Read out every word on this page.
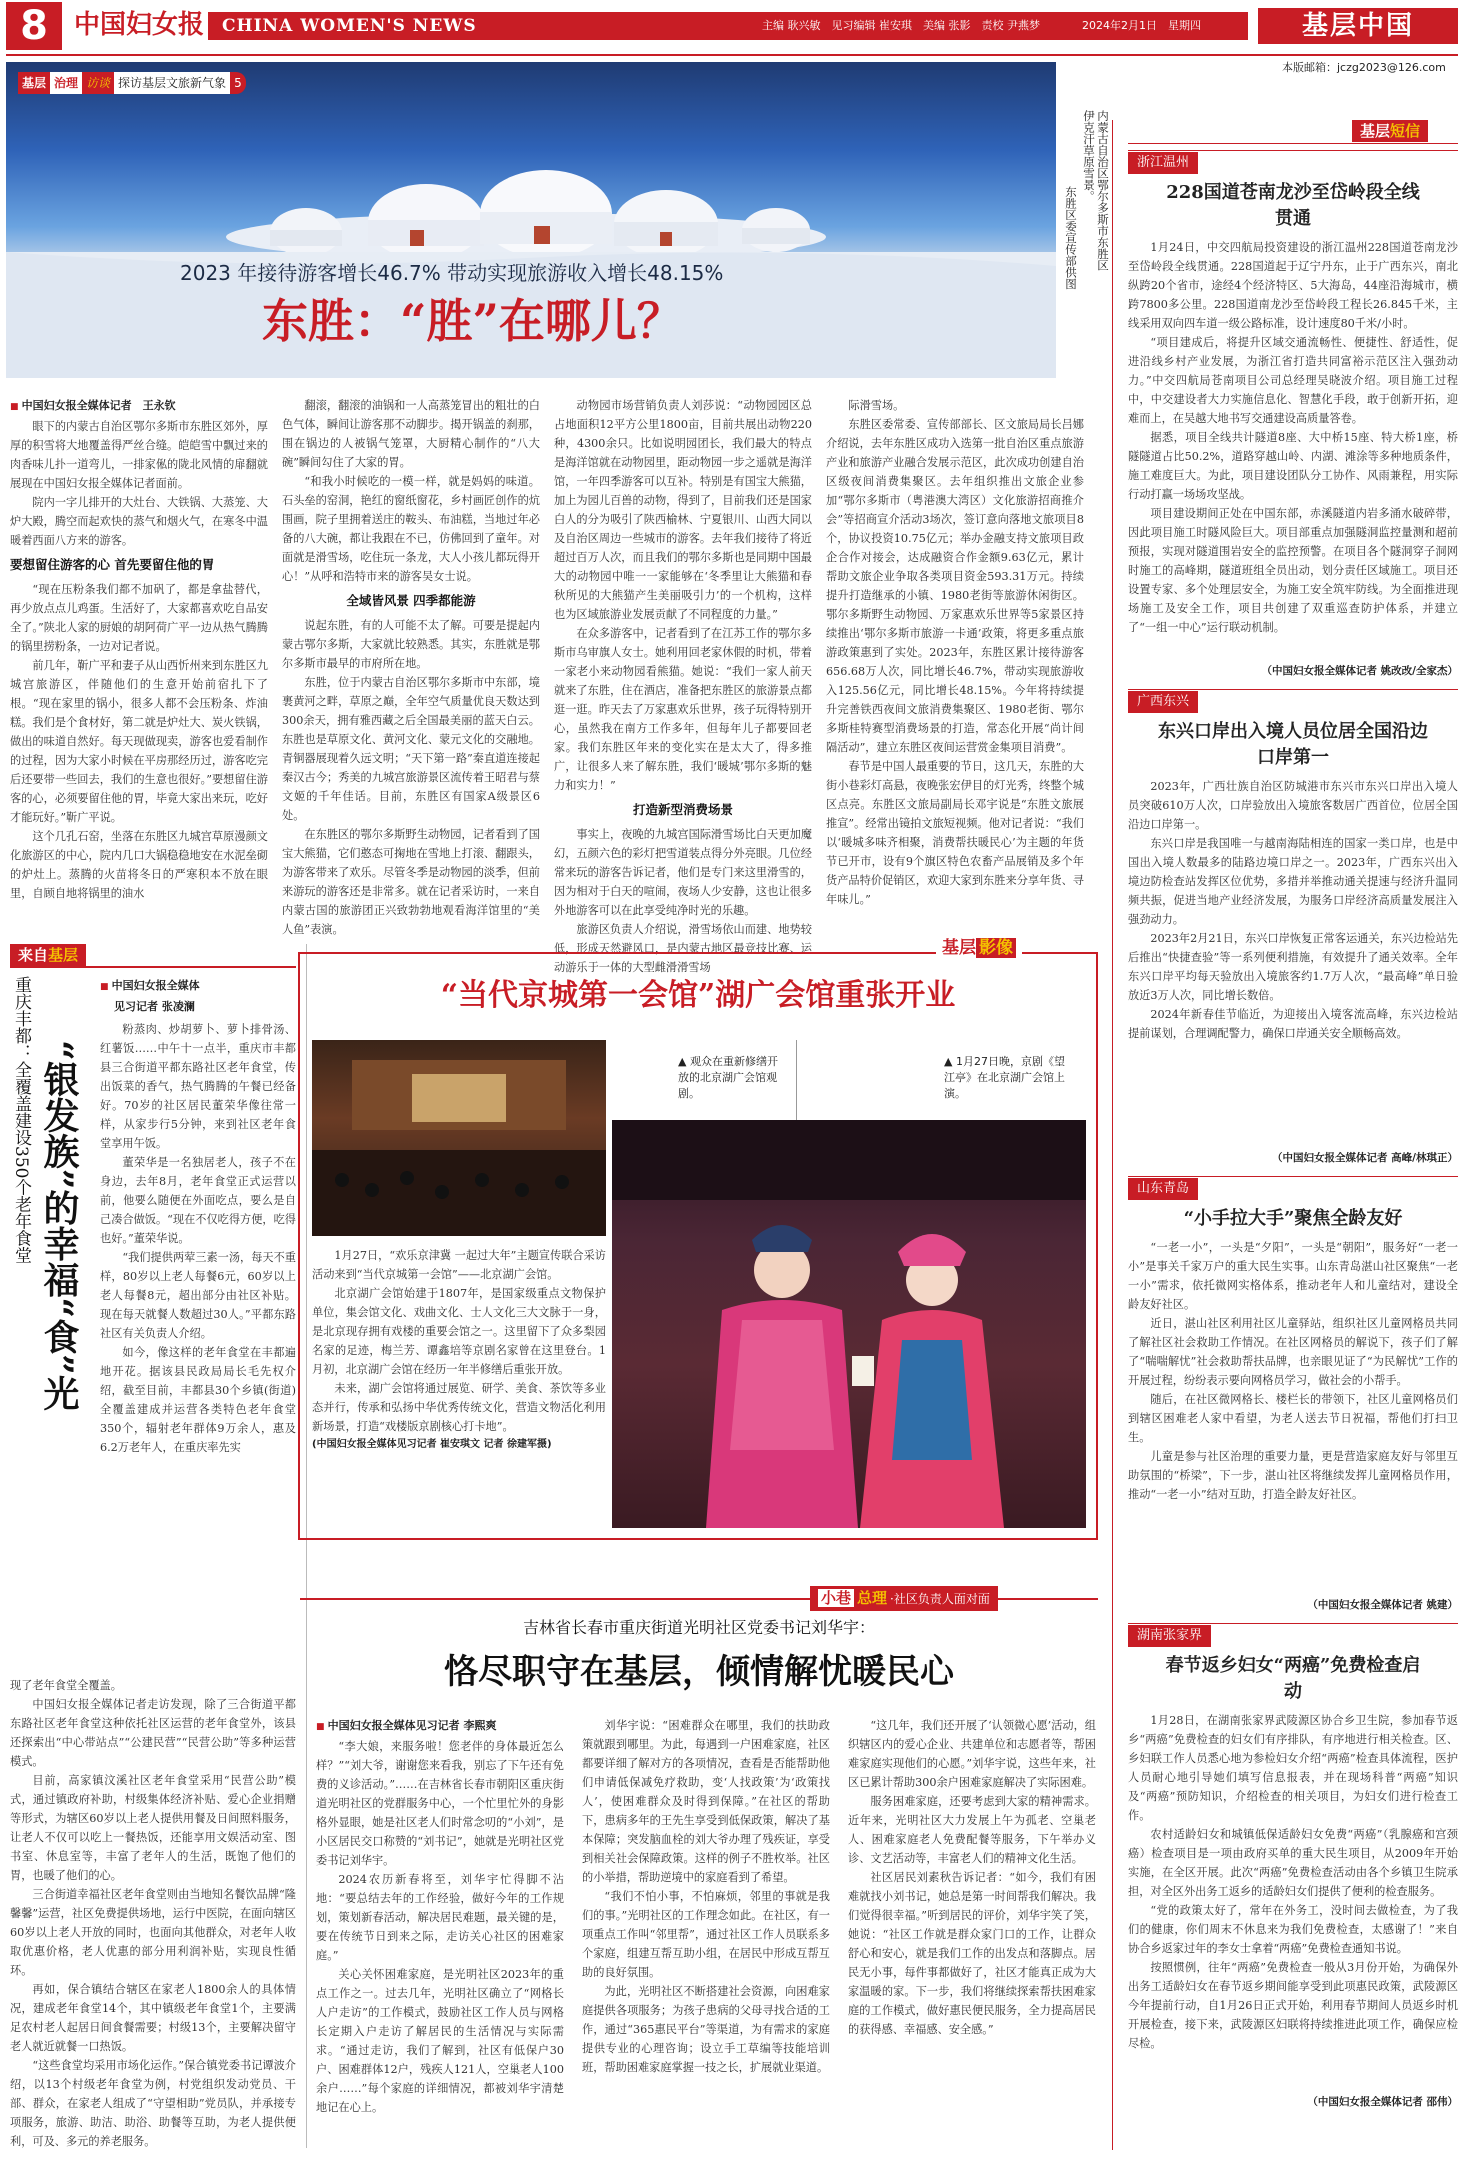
8	中国妇女报 CHINA WOMEN'S NEWS	主编 耿兴敏　见习编辑 崔安琪　美编 张影　责校 尹燕梦	2024年2月1日　星期四	基层中国
本版邮箱：jczg2023@126.com
基层 治理 访谈 探访基层文旅新气象 5
2023 年接待游客增长46.7% 带动实现旅游收入增长48.15%
东胜：“胜”在哪儿？
内蒙古自治区鄂尔多斯市东胜区伊克汗草原雪景。
东胜区委宣传部供图
■ 中国妇女报全媒体记者　王永钦

眼下的内蒙古自治区鄂尔多斯市东胜区郊外，厚厚的积雪将大地覆盖得严丝合缝。皑皑雪中飘过来的肉香味儿扑一道弯儿，一排家俬的陇北风情的扉翻就展现在中国妇女报全媒体记者面前。

院内一字儿排开的大灶台、大铁锅、大蒸笼、大炉大殿，腾空而起欢快的蒸气和烟火气，在寒冬中温暖着西面八方来的游客。

要想留住游客的心 首先要留住他的胃

“现在压粉条我们都不加矾了，都是拿盐替代，再少放点点儿鸡蛋。生活好了，大家都喜欢吃自品安全了。”陕北人家的厨娘的胡阿荷广平一边从热气腾腾的锅里捞粉条，一边对记者说。

前几年，靳广平和妻子从山西忻州来到东胜区九城宫旅游区，伴随他们的生意开始前宿扎下了根。“现在家里的锅小，很多人都不会压粉条、炸油糕。我们是个食材好，第二就是炉灶大、炭火铁锅，做出的味道自然好。每天现做现卖，游客也爱看制作的过程，因为大家小时候在平房那经历过，游客吃完后还要带一些回去，我们的生意也很好。”要想留住游客的心，必须要留住他的胃，毕竟大家出来玩，吃好才能玩好。”靳广平说。

这个几孔石窑，坐落在东胜区九城宫草原漫颜文化旅游区的中心，院内几口大锅稳稳地安在水泥垒砌的炉灶上。蒸腾的火苗将冬日的严寒积本不放在眼里，自顾自地将锅里的油水

翻滚，翻滚的油锅和一人高蒸笼冒出的粗壮的白色气体，瞬间让游客那不动脚步。揭开锅盖的刹那，围在锅边的人被锅气笼罩，大厨精心制作的“八大碗”瞬间勾住了大家的胃。

“和我小时候吃的一模一样，就是妈妈的味道。石头垒的窑洞，艳红的窗纸窗花，乡村画匠创作的炕围画，院子里拥着送庄的鞍头、布油糕，当地过年必备的八大碗，都让我跟在不已，仿佛回到了童年。对面就是滑雪场，吃住玩一条龙，大人小孩儿都玩得开心！”从呼和浩特市来的游客吴女士说。

全域皆风景 四季都能游

说起东胜，有的人可能不太了解。可要是提起内蒙古鄂尔多斯，大家就比较熟悉。其实，东胜就是鄂尔多斯市最早的市府所在地。

东胜，位于内蒙古自治区鄂尔多斯市中东部，境裹黄河之畔，草原之巅，全年空气质量优良天数达到300余天，拥有雅西藏之后全国最美丽的蓝天白云。东胜也是草原文化、黄河文化、蒙元文化的交融地。青铜器展现着久远文明；“天下第一路”秦直道连接起秦汉古今；秀美的九城宫旅游景区流传着王昭君与蔡文姬的千年佳话。目前，东胜区有国家A级景区6处。

在东胜区的鄂尔多斯野生动物园，记者看到了国宝大熊猫，它们憨态可掬地在雪地上打滚、翻跟头，为游客带来了欢乐。尽管冬季是动物园的淡季，但前来游玩的游客还是非常多。就在记者采访时，一来自内蒙古国的旅游团正兴致勃勃地观看海洋馆里的“美人鱼”表演。

动物园市场营销负责人刘莎说：“动物园园区总占地面积12平方公里1800亩，目前共展出动物220种，4300余只。比如说明园团长，我们最大的特点是海洋馆就在动物园里，距动物园一步之遥就是海洋馆，一年四季游客可以互补。特别是有国宝大熊猫，加上为园儿百兽的动物，得到了，目前我们还是国家白人的分为吸引了陕西榆林、宁夏银川、山西大同以及自治区周边一些城市的游客。去年我们接待了将近超过百万人次，而且我们的鄂尔多斯也是同期中国最大的动物园中唯一一家能够在‘冬季里让大熊猫和春秋所见的大熊猫产生美丽吸引力’的一个机构，这样也为区域旅游业发展贡献了不同程度的力量。”

在众多游客中，记者看到了在江苏工作的鄂尔多斯市乌审旗人女士。她利用回老家休假的时机，带着一家老小来动物园看熊猫。她说：“我们一家人前天就来了东胜，住在酒店，准备把东胜区的旅游景点都逛一逛。昨天去了万家惠欢乐世界，孩子玩得特别开心，虽然我在南方工作多年，但每年儿子都要回老家。我们东胜区年来的变化实在是太大了，得多推广，让很多人来了解东胜，我们‘暖城’鄂尔多斯的魅力和实力！”

打造新型消费场景

事实上，夜晚的九城宫国际滑雪场比白天更加魔幻，五颜六色的彩灯把雪道装点得分外亮眼。几位经常来玩的游客告诉记者，他们是专门来这里滑雪的，因为相对于白天的喧闹，夜场人少安静，这也让很多外地游客可以在此享受纯净时光的乐趣。

旅游区负责人介绍说，滑雪场依山而建、地势较低，形成天然避风口，是内蒙古地区最竞技比赛、运动游乐于一体的大型雌滑滑雪场

际滑雪场。

东胜区委常委、宣传部部长、区文旅局局长吕娜介绍说，去年东胜区成功入选第一批自治区重点旅游产业和旅游产业融合发展示范区，此次成功创建自治区级夜间消费集聚区。去年组织推出文旅企业参加“鄂尔多斯市（粤港澳大湾区）文化旅游招商推介会”等招商宣介活动3场次，签订意向落地文旅项目8个，协议投资10.75亿元；举办金融支持文旅项目政企合作对接会，达成融资合作金额9.63亿元，累计帮助文旅企业争取各类项目资金593.31万元。持续提升打造继承的小镇、1980老街等旅游休闲街区。鄂尔多斯野生动物园、万家惠欢乐世界等5家景区持续推出‘鄂尔多斯市旅游一卡通’政策，将更多重点旅游政策惠到了实处。2023年，东胜区累计接待游客656.68万人次，同比增长46.7%，带动实现旅游收入125.56亿元，同比增长48.15%。今年将持续提升完善铁西夜间文旅消费集聚区、1980老街、鄂尔多斯桂特赛型消费场景的打造，常态化开展“尚计间隔活动”，建立东胜区夜间运营赏金集项目消费”。

春节是中国人最重要的节日，这几天，东胜的大街小巷彩灯高悬，夜晚张宏伊目的灯光秀，终整个城区点亮。东胜区文旅局副局长邓宇说是“东胜文旅展推宣”。经常出镜拍文旅短视频。他对记者说：“我们以‘暖城多味齐相聚，消费帮扶暖民心’为主题的年货节已开市，设有9个旗区特色农畜产品展销及多个年货产品特价促销区，欢迎大家到东胜来分享年货、寻年味儿。”

基层短信
浙江温州
228国道苍南龙沙至岱岭段全线贯通

1月24日，中交四航局投资建设的浙江温州228国道苍南龙沙至岱岭段全线贯通。228国道起于辽宁丹东，止于广西东兴，南北纵跨20个省市，途经4个经济特区、5大海岛，44座沿海城市，横跨7800多公里。228国道南龙沙至岱岭段工程长26.845千米，主线采用双向四车道一级公路标准，设计速度80千米/小时。

“项目建成后，将提升区域交通流畅性、便捷性、舒适性，促进沿线乡村产业发展，为浙江省打造共同富裕示范区注入强劲动力。”中交四航局苍南项目公司总经理吴晓波介绍。项目施工过程中，中交建设者大力实施信息化、智慧化手段，敢于创新开拓，迎难而上，在吴越大地书写交通建设高质量答卷。

据悉，项目全线共计隧道8座、大中桥15座、特大桥1座，桥隧隧道占比50.2%，道路穿越山岭、内湖、滩涂等多种地质条件，施工难度巨大。为此，项目建设团队分工协作、风雨兼程，用实际行动打赢一场场攻坚战。

项目建设期间正处在中国东部，赤溪隧道内岩多涌水破碎带，因此项目施工时隧风险巨大。项目部重点加强隧洞监控量测和超前预报，实现对隧道围岩安全的监控预警。在项目各个隧洞穿子洞网时施工的高峰期，隧道班组全员出动，划分责任区域施工。项目还设置专家、多个处理层安全，为施工安全筑牢防线。为全面推进现场施工及安全工作，项目共创建了双重巡查防护体系，并建立了“一组一中心”运行联动机制。

（中国妇女报全媒体记者 姚改改/全家杰）
广西东兴
东兴口岸出入境人员位居全国沿边口岸第一

2023年，广西壮族自治区防城港市东兴市东兴口岸出入境人员突破610万人次，口岸验放出入境旅客数居广西首位，位居全国沿边口岸第一。

东兴口岸是我国唯一与越南海陆相连的国家一类口岸，也是中国出入境人数最多的陆路边境口岸之一。2023年，广西东兴出入境边防检查站发挥区位优势，多措并举推动通关提速与经济升温同频共振，促进当地产业经济发展，为服务口岸经济高质量发展注入强劲动力。

2023年2月21日，东兴口岸恢复正常客运通关，东兴边检站先后推出“快捷查验”等一系列便利措施，有效提升了通关效率。全年东兴口岸平均每天验放出入境旅客约1.7万人次，“最高峰”单日验放近3万人次，同比增长数倍。

2024年新春佳节临近，为迎接出入境客流高峰，东兴边检站提前谋划，合理调配警力，确保口岸通关安全顺畅高效。

（中国妇女报全媒体记者 高峰/林琪正）
山东青岛
“小手拉大手”聚焦全龄友好

“一老一小”，一头是“夕阳”，一头是“朝阳”，服务好“一老一小”是事关千家万户的重大民生实事。山东青岛湛山社区聚焦“一老一小”需求，依托微网实格体系，推动老年人和儿童结对，建设全龄友好社区。

近日，湛山社区利用社区儿童驿站，组织社区儿童网格员共同了解社区社会救助工作情况。在社区网格员的解说下，孩子们了解了“喘喘解忧”社会救助帮扶品牌，也亲眼见证了“为民解忧”工作的开展过程，纷纷表示要向网格员学习，做社会的小帮手。

随后，在社区微网格长、楼栏长的带领下，社区儿童网格员们到辖区困难老人家中看望，为老人送去节日祝福，帮他们打扫卫生。

儿童是参与社区治理的重要力量，更是营造家庭友好与邻里互助氛围的“桥梁”，下一步，湛山社区将继续发挥儿童网格员作用，推动“一老一小”结对互助，打造全龄友好社区。

（中国妇女报全媒体记者 姚建）
湖南张家界
春节返乡妇女“两癌”免费检查启动

1月28日，在湖南张家界武陵源区协合乡卫生院，参加春节返乡“两癌”免费检查的妇女们有序排队，有序地进行相关检查。区、乡妇联工作人员悉心地为参检妇女介绍“两癌”检查具体流程，医护人员耐心地引导她们填写信息报表，并在现场科普“两癌”知识及“两癌”预防知识，介绍检查的相关项目，为妇女们进行检查工作。

农村适龄妇女和城镇低保适龄妇女免费“两癌”（乳腺癌和宫颈癌）检查项目是一项由政府买单的重大民生项目，从2009年开始实施，在全区开展。此次“两癌”免费检查活动由各个乡镇卫生院承担，对全区外出务工返乡的适龄妇女们提供了便利的检查服务。

“党的政策太好了，常年在外务工，没时间去做检查，为了我们的健康，你们周末不休息来为我们免费检查，太感谢了！”来自协合乡返家过年的李女士拿着“两癌”免费检查通知书说。

按照惯例，往年“两癌”免费检查一般从3月份开始，为确保外出务工适龄妇女在春节返乡期间能享受到此项惠民政策，武陵源区今年提前行动，自1月26日正式开始，利用春节期间人员返乡时机开展检查，接下来，武陵源区妇联将持续推进此项工作，确保应检尽检。

（中国妇女报全媒体记者 邵伟）
来自基层
重庆丰都：全覆盖建设350个老年食堂 “银发族”的幸福“食”光
■ 中国妇女报全媒体
见习记者 张凌澜

粉蒸肉、炒胡萝卜、萝卜排骨汤、红薯饭……中午十一点半，重庆市丰都县三合街道平都东路社区老年食堂，传出饭菜的香气，热气腾腾的午餐已经备好。70岁的社区居民董荣华像往常一样，从家步行5分钟，来到社区老年食堂享用午饭。

董荣华是一名独居老人，孩子不在身边，去年8月，老年食堂正式运营以前，他要么随便在外面吃点，要么是自己凑合做饭。“现在不仅吃得方便，吃得也好。”董荣华说。

“我们提供两荤三素一汤，每天不重样，80岁以上老人每餐6元，60岁以上老人每餐8元，超出部分由社区补贴。现在每天就餐人数超过30人。”平都东路社区有关负责人介绍。

如今，像这样的老年食堂在丰都遍地开花。据该县民政局局长毛先权介绍，截至目前，丰都县30个乡镇(街道)全覆盖建成并运营各类特色老年食堂350个，辐射老年群体9万余人，惠及6.2万老年人，在重庆率先实

现了老年食堂全覆盖。

中国妇女报全媒体记者走访发现，除了三合街道平都东路社区老年食堂这种依托社区运营的老年食堂外，该县还探索出“中心带站点”“公建民营”“民营公助”等多种运营模式。

目前，高家镇汶溪社区老年食堂采用“民营公助”模式，通过镇政府补助，村级集体经济补贴、爱心企业捐赠等形式，为辖区60岁以上老人提供用餐及日间照料服务，让老人不仅可以吃上一餐热饭，还能享用文娱活动室、图书室、休息室等，丰富了老年人的生活，既饱了他们的胃，也暖了他们的心。

三合街道幸福社区老年食堂则由当地知名餐饮品牌“隆馨馨”运营，社区免费提供场地，运行中医院，在面向辖区60岁以上老人开放的同时，也面向其他群众，对老年人收取优惠价格，老人优惠的部分用利润补贴，实现良性循环。

再如，保合镇结合辖区在家老人1800余人的具体情况，建成老年食堂14个，其中镇级老年食堂1个，主要满足农村老人起居日间食餐需要；村级13个，主要解决留守老人就近就餐一口热饭。

“这些食堂均采用市场化运作。”保合镇党委书记谭波介绍，以13个村级老年食堂为例，村党组织发动党员、干部、群众，在家老人组成了“守望相助”党员队，并承接专项服务，旅游、助洁、助浴、助餐等互助，为老人提供便利，可及、多元的养老服务。

基层 影像
“当代京城第一会馆”湖广会馆重张开业
▲ 观众在重新修缮开放的北京湖广会馆观剧。
▲ 1月27日晚，京剧《望江亭》在北京湖广会馆上演。

1月27日，“欢乐京津冀 一起过大年”主题宣传联合采访活动来到“当代京城第一会馆”——北京湖广会馆。

北京湖广会馆始建于1807年，是国家级重点文物保护单位，集会馆文化、戏曲文化、士人文化三大文脉于一身，是北京现存拥有戏楼的重要会馆之一。这里留下了众多梨园名家的足迹，梅兰芳、谭鑫培等京剧名家曾在这里登台。1月初，北京湖广会馆在经历一年半修缮后重张开放。

未来，湖广会馆将通过展览、研学、美食、茶饮等多业态并行，传承和弘扬中华优秀传统文化，营造文物活化利用新场景，打造“戏楼版京剧核心打卡地”。

(中国妇女报全媒体见习记者 崔安琪文 记者 徐建军摄)
小巷 总理 ·社区负责人面对面
吉林省长春市重庆街道光明社区党委书记刘华宇：
恪尽职守在基层，倾情解忧暖民心
■ 中国妇女报全媒体见习记者 李熙爽

“李大娘，来服务啦！您老伴的身体最近怎么样？”“刘大爷，谢谢您来看我，别忘了下午还有免费的义诊活动。”……在吉林省长春市朝阳区重庆街道光明社区的党群服务中心，一个忙里忙外的身影格外显眼，她是社区老人们时常念叨的“小刘”，是小区居民交口称赞的“刘书记”，她就是光明社区党委书记刘华宇。

2024农历新春将至，刘华宇忙得脚不沾地：“要总结去年的工作经验，做好今年的工作规划，策划新春活动，解决居民难题，最关键的是，要在传统节日到来之际，走访关心社区的困难家庭。”

关心关怀困难家庭，是光明社区2023年的重点工作之一。过去几年，光明社区确立了“网格长人户走访”的工作模式，鼓励社区工作人员与网格长定期入户走访了解居民的生活情况与实际需求。“通过走访，我们了解到，社区有低保户30户、困难群体12户，残疾人121人，空巢老人100余户……”每个家庭的详细情况，都被刘华宇清楚地记在心上。

刘华宇说：“困难群众在哪里，我们的扶助政策就跟到哪里。为此，每遇到一户困难家庭，社区都要详细了解对方的各项情况，查看是否能帮助他们申请低保减免疗救助，变‘人找政策’为‘政策找人’，使困难群众及时得到保障。”在社区的帮助下，患病多年的王先生享受到低保政策，解决了基本保障；突发脑血栓的刘大爷办理了残疾证，享受到相关社会保障政策。这样的例子不胜枚举。社区的小举措，帮助逆境中的家庭看到了希望。

“我们不怕小事，不怕麻烦，邻里的事就是我们的事。”光明社区的工作理念如此。在社区，有一项重点工作叫“邻里帮”，通过社区工作人员联系多个家庭，组建互帮互助小组，在居民中形成互帮互助的良好氛围。

为此，光明社区不断搭建社会资源，向困难家庭提供各项服务；为孩子患病的父母寻找合适的工作，通过“365惠民平台”等渠道，为有需求的家庭提供专业的心理咨询；设立手工草编等技能培训班，帮助困难家庭掌握一技之长，扩展就业渠道。

“这几年，我们还开展了‘认领微心愿’活动，组织辖区内的爱心企业、共建单位和志愿者等，帮困难家庭实现他们的心愿。”刘华宇说，这些年来，社区已累计帮助300余户困难家庭解决了实际困难。

服务困难家庭，还要考虑到大家的精神需求。近年来，光明社区大力发展上午为孤老、空巢老人、困难家庭老人免费配餐等服务，下午举办义诊、文艺活动等，丰富老人们的精神文化生活。

社区居民刘素秋告诉记者：“如今，我们有困难就找小刘书记，她总是第一时间帮我们解决。我们觉得很幸福。”听到居民的评价，刘华宇笑了笑，她说：“社区工作就是群众家门口的工作，让群众舒心和安心，就是我们工作的出发点和落脚点。居民无小事，每件事都做好了，社区才能真正成为大家温暖的家。下一步，我们将继续探索帮扶困难家庭的工作模式，做好惠民便民服务，全力提高居民的获得感、幸福感、安全感。”
